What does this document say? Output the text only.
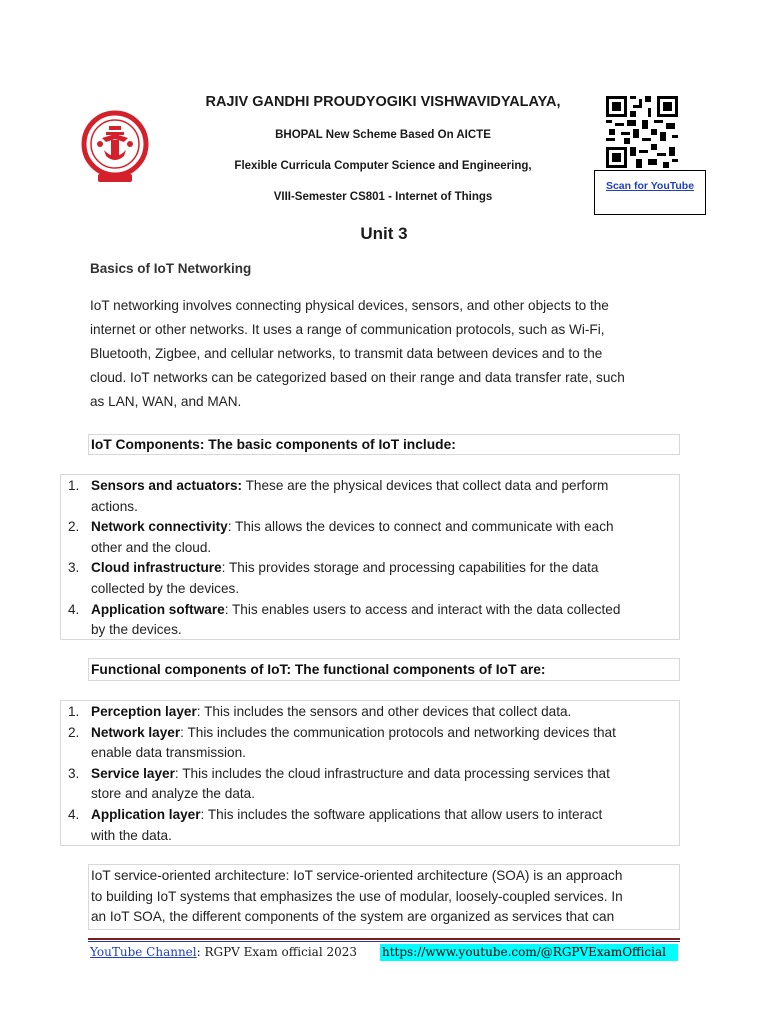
RAJIV GANDHI PROUDYOGIKI VISHWAVIDYALAYA,
BHOPAL New Scheme Based On AICTE
Flexible Curricula Computer Science and Engineering,
VIII-Semester CS801 - Internet of Things
Scan for YouTube
Unit 3
Basics of IoT Networking
IoT networking involves connecting physical devices, sensors, and other objects to the
internet or other networks. It uses a range of communication protocols, such as Wi-Fi,
Bluetooth, Zigbee, and cellular networks, to transmit data between devices and to the
cloud. IoT networks can be categorized based on their range and data transfer rate, such
as LAN, WAN, and MAN.
IoT Components: The basic components of IoT include:
1. Sensors and actuators: These are the physical devices that collect data and perform
actions.
2. Network connectivity: This allows the devices to connect and communicate with each
other and the cloud.
3. Cloud infrastructure: This provides storage and processing capabilities for the data
collected by the devices.
4. Application software: This enables users to access and interact with the data collected
by the devices.
Functional components of IoT: The functional components of IoT are:
1. Perception layer: This includes the sensors and other devices that collect data.
2. Network layer: This includes the communication protocols and networking devices that
enable data transmission.
3. Service layer: This includes the cloud infrastructure and data processing services that
store and analyze the data.
4. Application layer: This includes the software applications that allow users to interact
with the data.
IoT service-oriented architecture: IoT service-oriented architecture (SOA) is an approach
to building IoT systems that emphasizes the use of modular, loosely-coupled services. In
an IoT SOA, the different components of the system are organized as services that can
YouTube Channel: RGPV Exam official 2023 https://www.youtube.com/@RGPVExamOfficial
